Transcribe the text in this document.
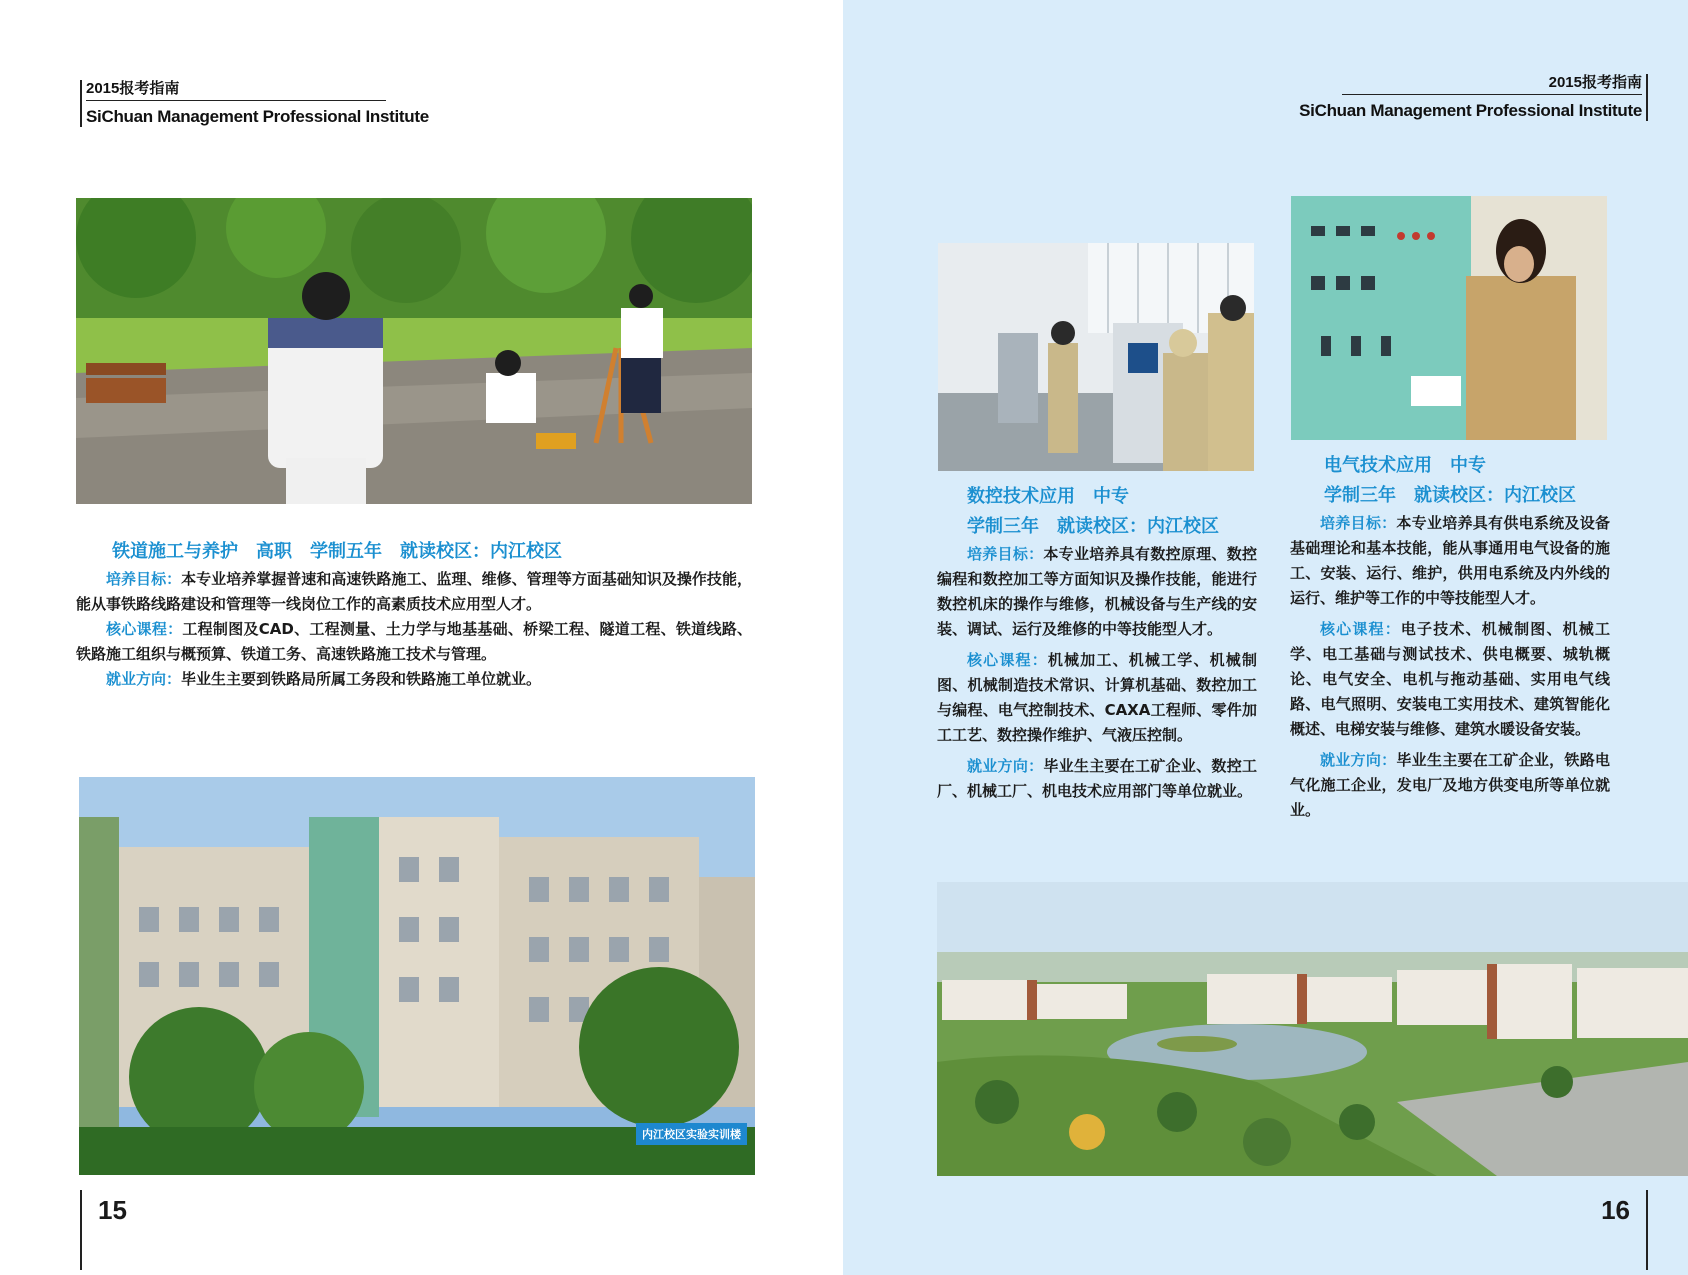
2015报考指南
SiChuan Management Professional Institute
铁道施工与养护 高职 学制五年 就读校区：内江校区

培养目标：本专业培养掌握普速和高速铁路施工、监理、维修、管理等方面基础知识及操作技能，能从事铁路线路建设和管理等一线岗位工作的高素质技术应用型人才。

核心课程：工程制图及CAD、工程测量、土力学与地基基础、桥梁工程、隧道工程、铁道线路、铁路施工组织与概预算、铁道工务、高速铁路施工技术与管理。

就业方向：毕业生主要到铁路局所属工务段和铁路施工单位就业。

内江校区实验实训楼
15
2015报考指南
SiChuan Management Professional Institute
数控技术应用 中专
学制三年 就读校区：内江校区

培养目标：本专业培养具有数控原理、数控编程和数控加工等方面知识及操作技能，能进行数控机床的操作与维修，机械设备与生产线的安装、调试、运行及维修的中等技能型人才。

核心课程：机械加工、机械工学、机械制图、机械制造技术常识、计算机基础、数控加工与编程、电气控制技术、CAXA工程师、零件加工工艺、数控操作维护、气液压控制。

就业方向：毕业生主要在工矿企业、数控工厂、机械工厂、机电技术应用部门等单位就业。

电气技术应用 中专
学制三年 就读校区：内江校区

培养目标：本专业培养具有供电系统及设备基础理论和基本技能，能从事通用电气设备的施工、安装、运行、维护，供用电系统及内外线的运行、维护等工作的中等技能型人才。

核心课程：电子技术、机械制图、机械工学、电工基础与测试技术、供电概要、城轨概论、电气安全、电机与拖动基础、实用电气线路、电气照明、安装电工实用技术、建筑智能化概述、电梯安装与维修、建筑水暖设备安装。

就业方向：毕业生主要在工矿企业，铁路电气化施工企业，发电厂及地方供变电所等单位就业。

16
